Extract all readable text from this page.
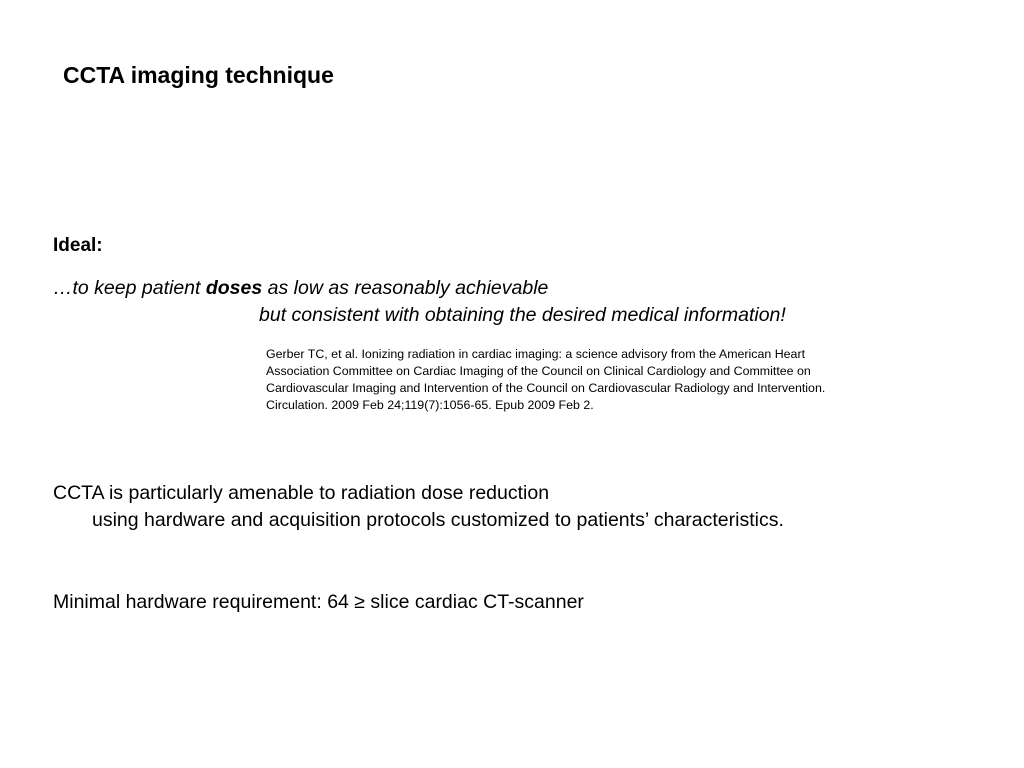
CCTA imaging technique
Ideal:
…to keep patient doses as low as reasonably achievable
but consistent with obtaining the desired medical information!
Gerber TC, et al. Ionizing radiation in cardiac imaging: a science advisory from the American Heart
Association Committee on Cardiac Imaging of the Council on Clinical Cardiology and Committee on
Cardiovascular Imaging and Intervention of the Council on Cardiovascular Radiology and Intervention.
Circulation. 2009 Feb 24;119(7):1056-65. Epub 2009 Feb 2.
CCTA is particularly amenable to radiation dose reduction
using hardware and acquisition protocols customized to patients’ characteristics.
Minimal hardware requirement: 64 ≥ slice cardiac CT-scanner
